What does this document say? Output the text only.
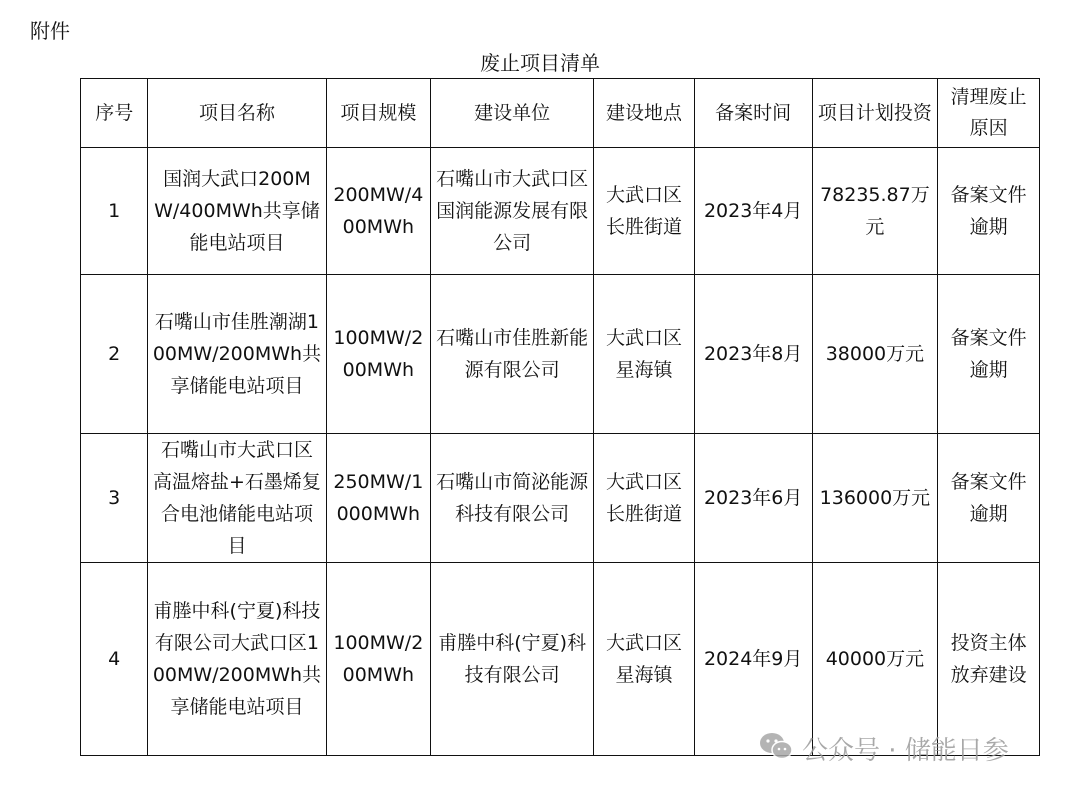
附件
废止项目清单
序号	项目名称	项目规模	建设单位	建设地点	备案时间	项目计划投资	清理废止原因
1	国润大武口200MW/400MWh共享储能电站项目	200MW/400MWh	石嘴山市大武口区国润能源发展有限公司	大武口区长胜街道	2023年4月	78235.87万元	备案文件逾期
2	石嘴山市佳胜潮湖100MW/200MWh共享储能电站项目	100MW/200MWh	石嘴山市佳胜新能源有限公司	大武口区星海镇	2023年8月	38000万元	备案文件逾期
3	石嘴山市大武口区高温熔盐+石墨烯复合电池储能电站项目	250MW/1000MWh	石嘴山市简泌能源科技有限公司	大武口区长胜街道	2023年6月	136000万元	备案文件逾期
4	甫塍中科(宁夏)科技有限公司大武口区100MW/200MWh共享储能电站项目	100MW/200MWh	甫塍中科(宁夏)科技有限公司	大武口区星海镇	2024年9月	40000万元	投资主体放弃建设
公众号 · 储能日参
